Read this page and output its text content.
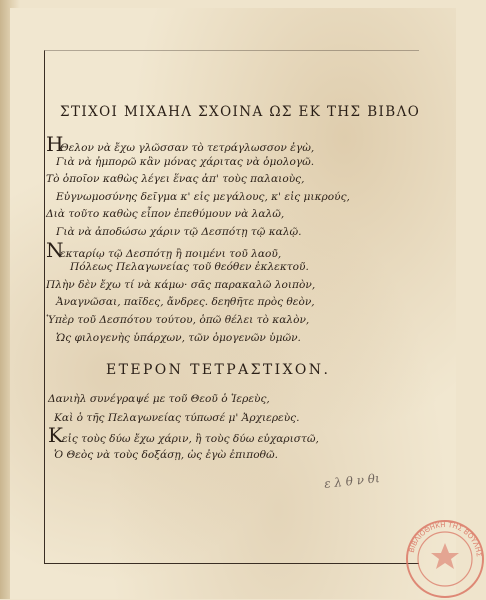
ΣΤΙΧΟΙ ΜΙΧΑΗΛ ΣΧΟΙΝΑ ΩΣ ΕΚ ΤΗΣ ΒΙΒΛΟ
ΗΘελον νὰ ἔχω γλῶσσαν τὸ τετράγλωσσον ἐγὼ,
Γιὰ νὰ ἠμπορῶ κἂν μόνας χάριτας νὰ ὁμολογῶ.
Τὸ ὁποῖον καθὼς λέγει ἕνας ἀπ' τοὺς παλαιοὺς,
Εὐγνωμοσύνης δεῖγμα κ' εἰς μεγάλους, κ' εἰς μικρούς,
Διὰ τοῦτο καθὼς εἶπον ἐπεθύμουν νὰ λαλῶ,
Γιὰ νὰ ἀποδώσω χάριν τῷ Δεσπότῃ τῷ καλῷ.
Νεκταρίῳ τῷ Δεσπότῃ ἢ ποιμένι τοῦ λαοῦ,
Πόλεως Πελαγωνείας τοῦ θεόθεν ἐκλεκτοῦ.
Πλὴν δὲν ἔχω τί νὰ κάμω· σᾶς παρακαλῶ λοιπὸν,
Ἀναγνῶσαι, παῖδες, ἄνδρες. δεηθῆτε πρὸς θεὸν,
Ὑπὲρ τοῦ Δεσπότου τούτου, ὁπῶ θέλει τὸ καλὸν,
Ὡς φιλογενὴς ὑπάρχων, τῶν ὁμογενῶν ὑμῶν.
ΕΤΕΡΟΝ ΤΕΤΡΑΣΤΙΧΟΝ.
Δανιὴλ συνέγραψέ με τοῦ Θεοῦ ὁ Ἱερεὺς,
Καὶ ὁ τῆς Πελαγωνείας τύπωσέ μ' Ἀρχιερεὺς.
Κεἰς τοὺς δύω ἔχω χάριν, ἢ τοὺς δύω εὐχαριστῶ,
Ὁ Θεὸς νὰ τοὺς δοξάσῃ, ὡς ἐγὼ ἐπιποθῶ.
ε λ θ ν θι
ΒΙΒΛΙΟΘΗΚΗ ΤΗΣ ΒΟΥΛΗΣ
